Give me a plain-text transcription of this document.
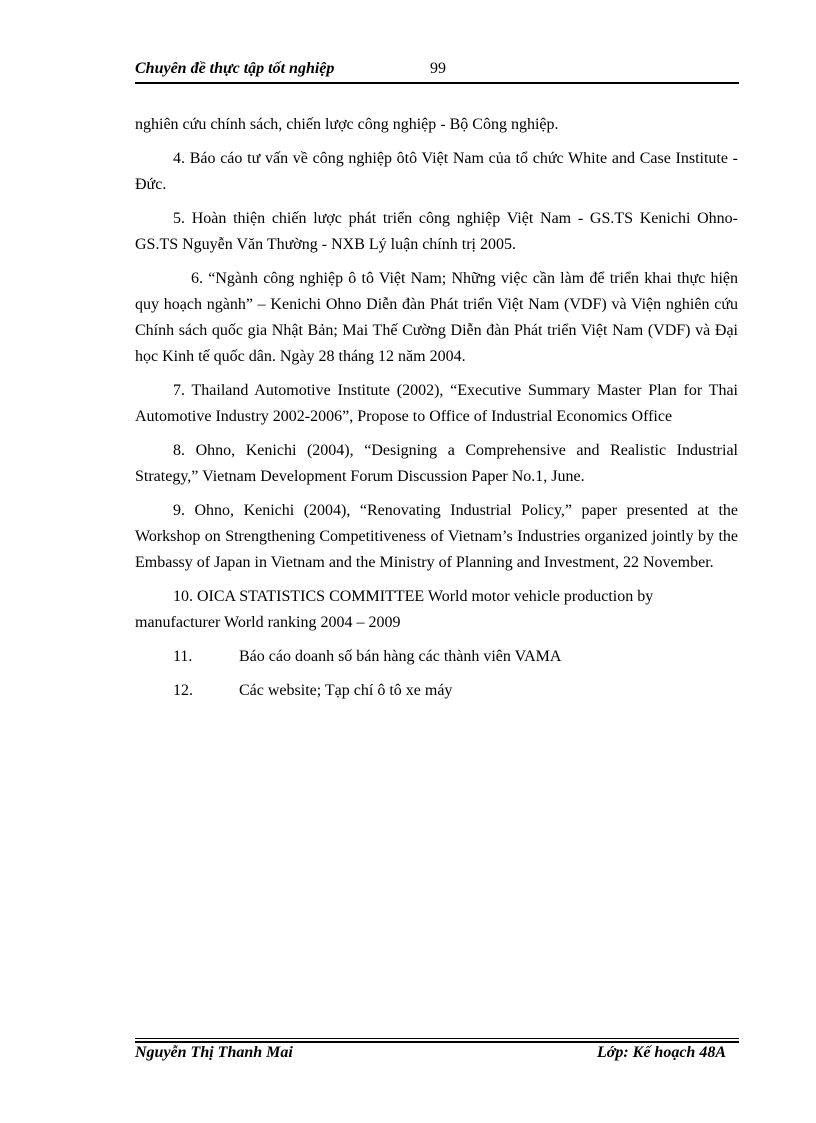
Chuyên đề thực tập tốt nghiệp	99

nghiên cứu chính sách, chiến lược công nghiệp - Bộ Công nghiệp.

4. Báo cáo tư vấn về công nghiệp ôtô Việt Nam của tổ chức White and Case Institute - Đức.

5. Hoàn thiện chiến lược phát triển công nghiệp Việt Nam - GS.TS Kenichi Ohno-GS.TS Nguyễn Văn Thường - NXB Lý luận chính trị 2005.

6. “Ngành công nghiệp ô tô Việt Nam; Những việc cần làm để triển khai thực hiện quy hoạch ngành” – Kenichi Ohno Diễn đàn Phát triển Việt Nam (VDF) và Viện nghiên cứu Chính sách quốc gia Nhật Bản; Mai Thế Cường Diễn đàn Phát triển Việt Nam (VDF) và Đại học Kinh tế quốc dân. Ngày 28 tháng 12 năm 2004.

7. Thailand Automotive Institute (2002), “Executive Summary Master Plan for Thai Automotive Industry 2002-2006”, Propose to Office of Industrial Economics Office

8. Ohno, Kenichi (2004), “Designing a Comprehensive and Realistic Industrial Strategy,” Vietnam Development Forum Discussion Paper No.1, June.

9. Ohno, Kenichi (2004), “Renovating Industrial Policy,” paper presented at the Workshop on Strengthening Competitiveness of Vietnam’s Industries organized jointly by the Embassy of Japan in Vietnam and the Ministry of Planning and Investment, 22 November.

10. OICA STATISTICS COMMITTEE World motor vehicle production by manufacturer World ranking 2004 – 2009

11.	Báo cáo doanh số bán hàng các thành viên VAMA
12.	Các website; Tạp chí ô tô xe máy
Nguyễn Thị Thanh Mai	Lớp: Kế hoạch 48A
